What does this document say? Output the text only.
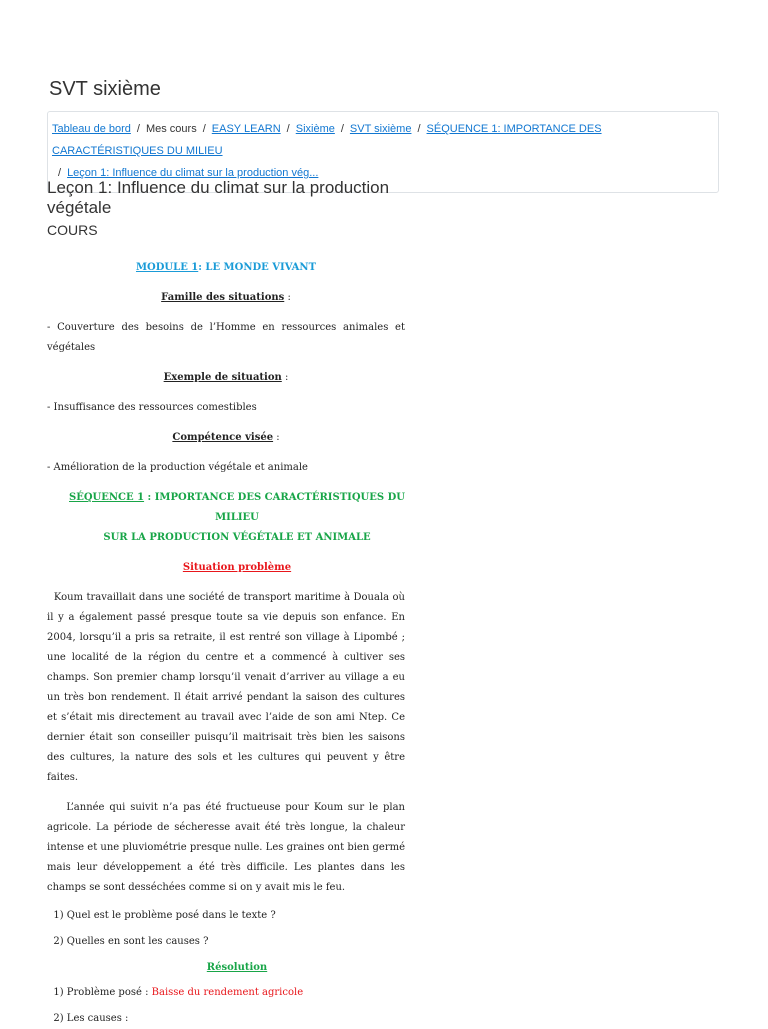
SVT sixième
Tableau de bord / Mes cours / EASY LEARN / Sixième / SVT sixième / SÉQUENCE 1: IMPORTANCE DES CARACTÉRISTIQUES DU MILIEU
/ Leçon 1: Influence du climat sur la production vég...
Leçon 1: Influence du climat sur la production végétale
COURS

MODULE 1: LE MONDE VIVANT

Famille des situations :

- Couverture des besoins de l’Homme en ressources animales et végétales

Exemple de situation :

- Insuffisance des ressources comestibles

Compétence visée :

- Amélioration de la production végétale et animale

SÉQUENCE 1 : IMPORTANCE DES CARACTÉRISTIQUES DU MILIEU

SUR LA PRODUCTION VÉGÉTALE ET ANIMALE

Situation problème

Koum travaillait dans une société de transport maritime à Douala où il y a également passé presque toute sa vie depuis son enfance. En 2004, lorsqu’il a pris sa retraite, il est rentré son village à Lipombé ; une localité de la région du centre et a commencé à cultiver ses champs. Son premier champ lorsqu’il venait d’arriver au village a eu un très bon rendement. Il était arrivé pendant la saison des cultures et s’était mis directement au travail avec l’aide de son ami Ntep. Ce dernier était son conseiller puisqu’il maitrisait très bien les saisons des cultures, la nature des sols et les cultures qui peuvent y être faites.

L’année qui suivit n’a pas été fructueuse pour Koum sur le plan agricole. La période de sécheresse avait été très longue, la chaleur intense et une pluviométrie presque nulle. Les graines ont bien germé mais leur développement a été très difficile. Les plantes dans les champs se sont desséchées comme si on y avait mis le feu.

1) Quel est le problème posé dans le texte ?

2) Quelles en sont les causes ?

Résolution

1) Problème posé : Baisse du rendement agricole

2) Les causes :
